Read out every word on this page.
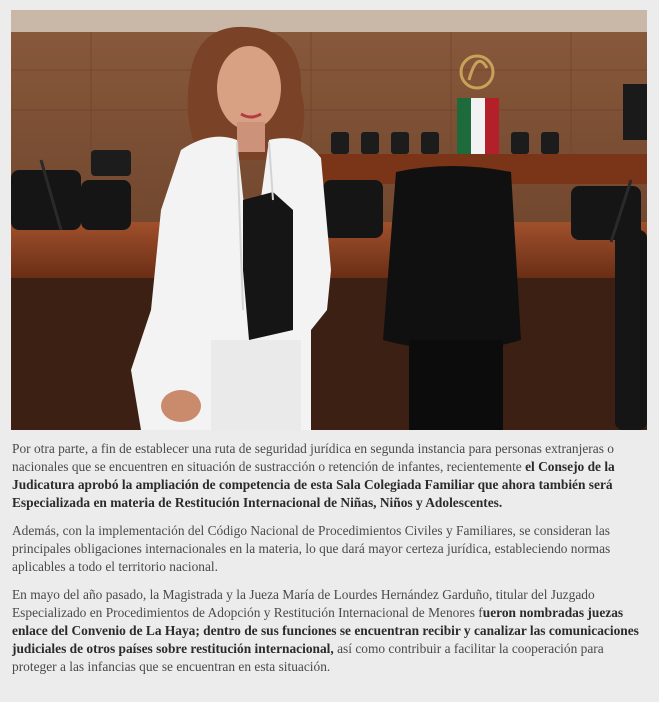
Por otra parte, a fin de establecer una ruta de seguridad jurídica en segunda instancia para personas extranjeras o nacionales que se encuentren en situación de sustracción o retención de infantes, recientemente el Consejo de la Judicatura aprobó la ampliación de competencia de esta Sala Colegiada Familiar que ahora también será Especializada en materia de Restitución Internacional de Niñas, Niños y Adolescentes.

Además, con la implementación del Código Nacional de Procedimientos Civiles y Familiares, se consideran las principales obligaciones internacionales en la materia, lo que dará mayor certeza jurídica, estableciendo normas aplicables a todo el territorio nacional.

En mayo del año pasado, la Magistrada y la Jueza María de Lourdes Hernández Garduño, titular del Juzgado Especializado en Procedimientos de Adopción y Restitución Internacional de Menores fueron nombradas juezas enlace del Convenio de La Haya; dentro de sus funciones se encuentran recibir y canalizar las comunicaciones judiciales de otros países sobre restitución internacional, así como contribuir a facilitar la cooperación para proteger a las infancias que se encuentran en esta situación.
